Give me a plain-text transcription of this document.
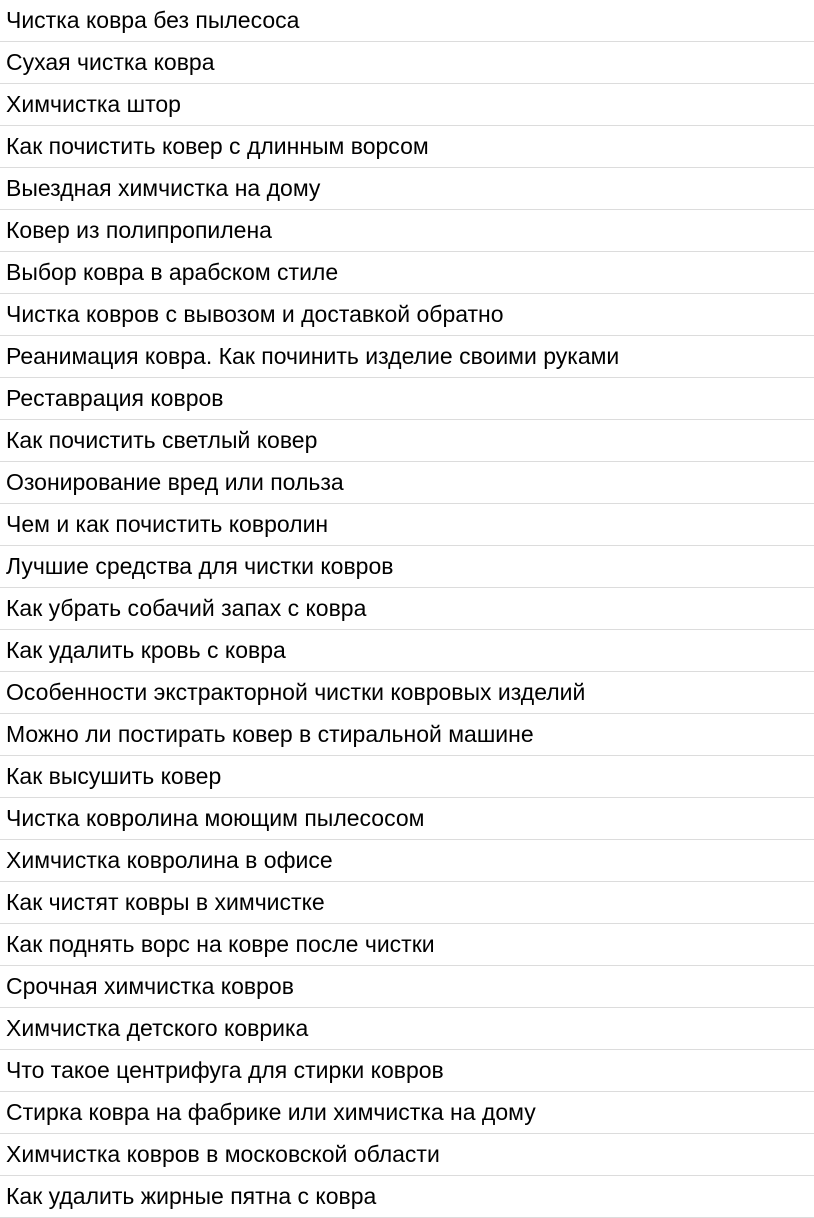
Чистка ковра без пылесоса
Сухая чистка ковра
Химчистка штор
Как почистить ковер с длинным ворсом
Выездная химчистка на дому
Ковер из полипропилена
Выбор ковра в арабском стиле
Чистка ковров с вывозом и доставкой обратно
Реанимация ковра. Как починить изделие своими руками
Реставрация ковров
Как почистить светлый ковер
Озонирование вред или польза
Чем и как почистить ковролин
Лучшие средства для чистки ковров
Как убрать собачий запах с ковра
Как удалить кровь с ковра
Особенности экстракторной чистки ковровых изделий
Можно ли постирать ковер в стиральной машине
Как высушить ковер
Чистка ковролина моющим пылесосом
Химчистка ковролина в офисе
Как чистят ковры в химчистке
Как поднять ворс на ковре после чистки
Срочная химчистка ковров
Химчистка детского коврика
Что такое центрифуга для стирки ковров
Стирка ковра на фабрике или химчистка на дому
Химчистка ковров в московской области
Как удалить жирные пятна с ковра
